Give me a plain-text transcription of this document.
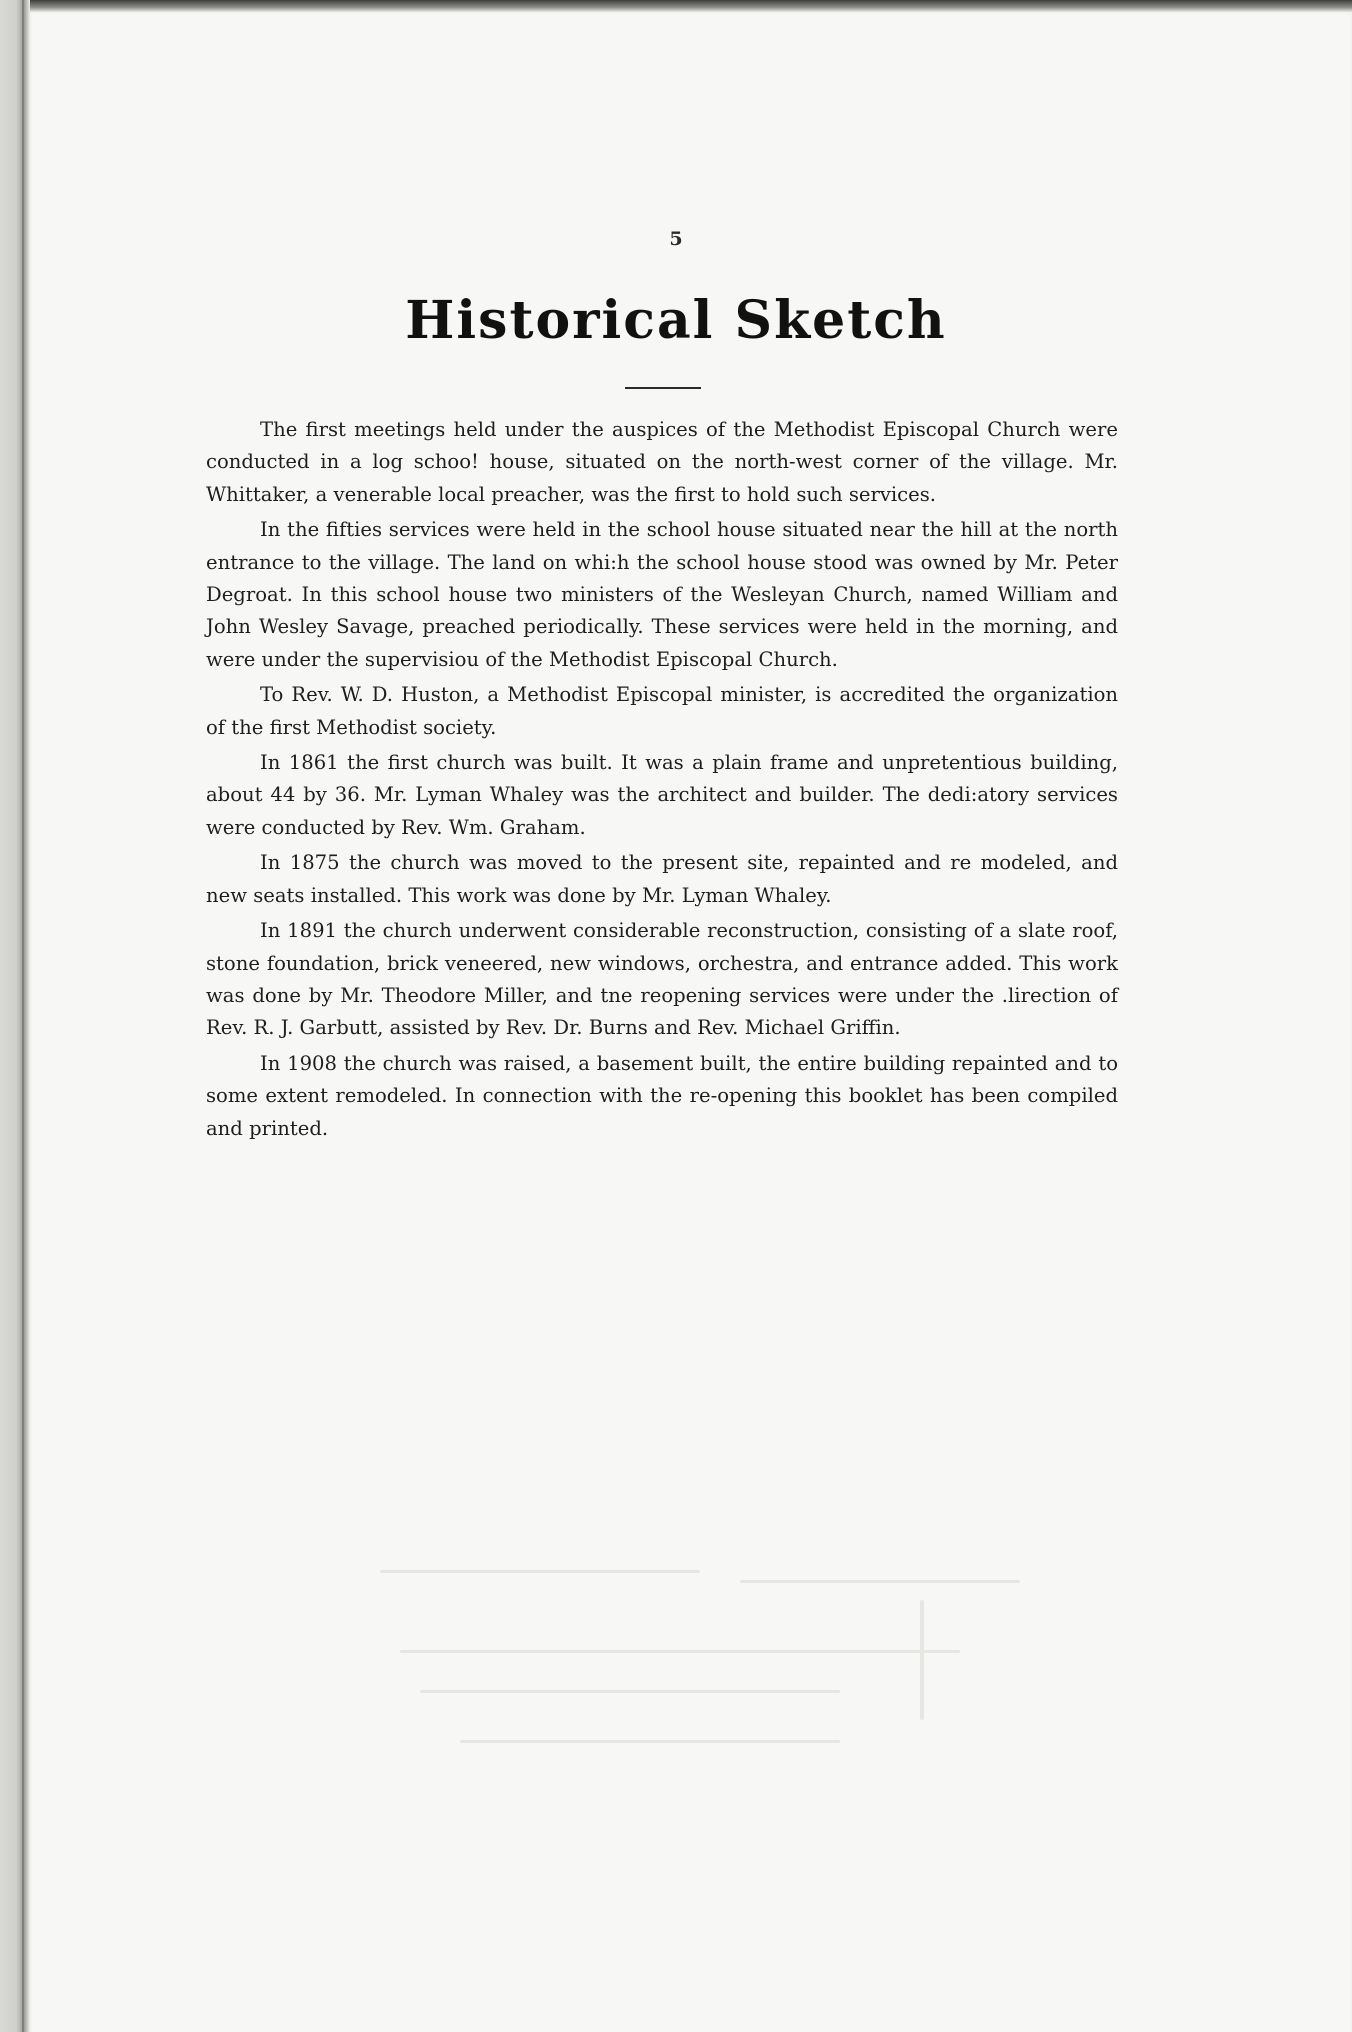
5
Historical Sketch

The first meetings held under the auspices of the Methodist Episcopal Church were conducted in a log schoo! house, situated on the north-west corner of the village. Mr. Whittaker, a venerable local preacher, was the first to hold such services.

In the fifties services were held in the school house situated near the hill at the north entrance to the village. The land on whi:h the school house stood was owned by Mr. Peter Degroat. In this school house two ministers of the Wesleyan Church, named William and John Wesley Savage, preached periodically. These services were held in the morning, and were under the supervisiou of the Methodist Episcopal Church.

To Rev. W. D. Huston, a Methodist Episcopal minister, is accredited the organization of the first Methodist society.

In 1861 the first church was built. It was a plain frame and unpretentious building, about 44 by 36. Mr. Lyman Whaley was the architect and builder. The dedi:atory services were conducted by Rev. Wm. Graham.

In 1875 the church was moved to the present site, repainted and re modeled, and new seats installed. This work was done by Mr. Lyman Whaley.

In 1891 the church underwent considerable reconstruction, consisting of a slate roof, stone foundation, brick veneered, new windows, orchestra, and entrance added. This work was done by Mr. Theodore Miller, and tne reopening services were under the .lirection of Rev. R. J. Garbutt, assisted by Rev. Dr. Burns and Rev. Michael Griffin.

In 1908 the church was raised, a basement built, the entire building repainted and to some extent remodeled. In connection with the re-opening this booklet has been compiled and printed.
